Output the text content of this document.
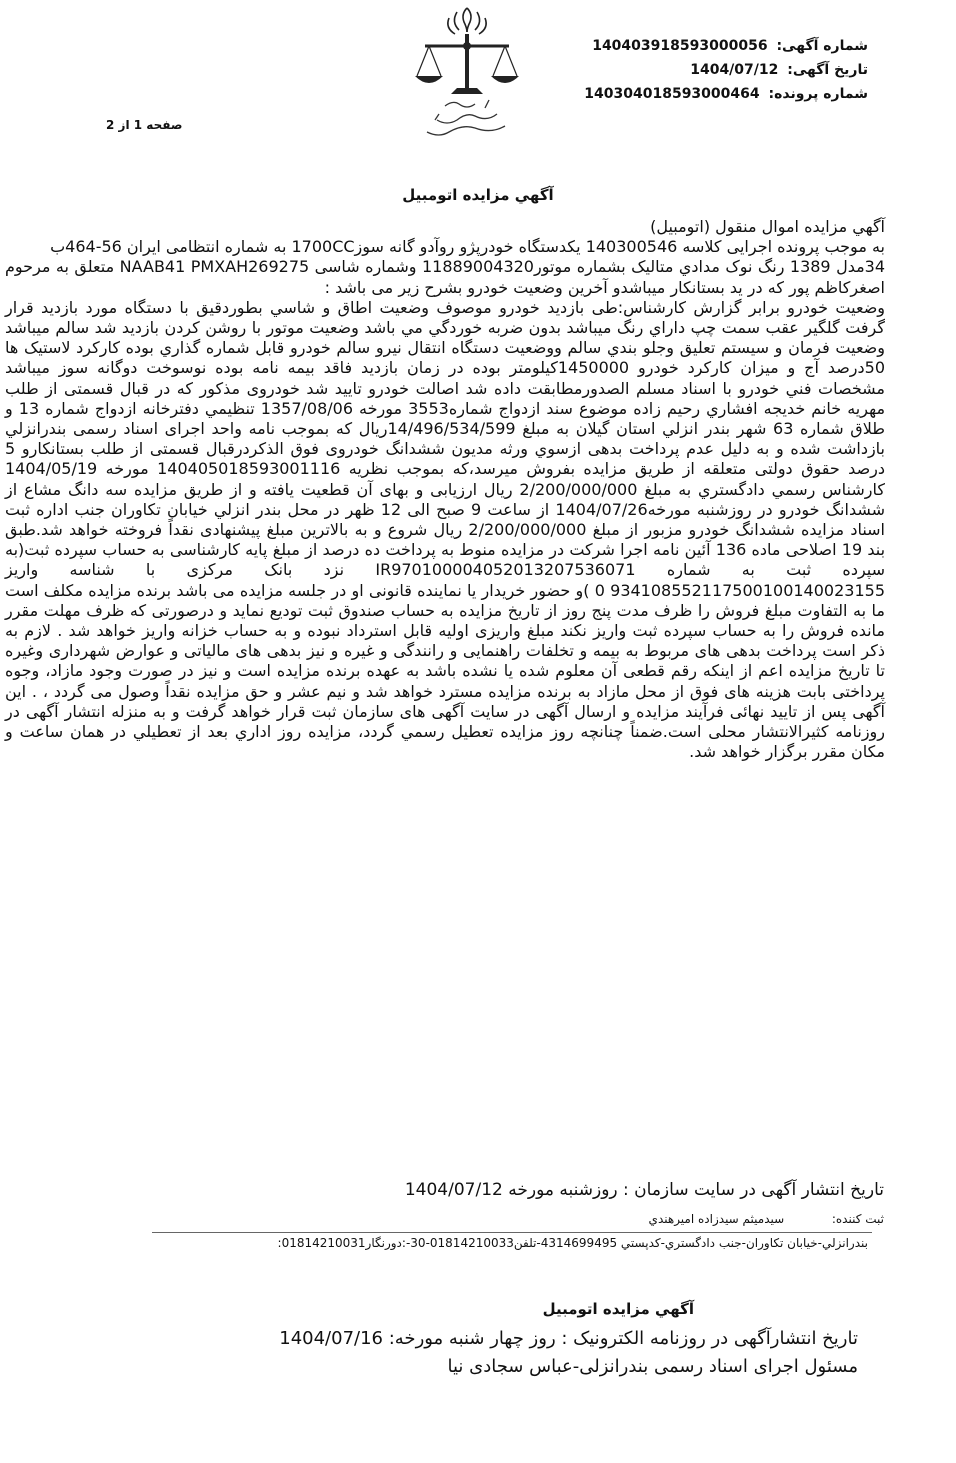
شماره آگهی: 140403918593000056
تاریخ آگهی: 1404/07/12
شماره پرونده: 140304018593000464
صفحه 1 از 2
آگهي مزايده اتومبيل

آگهي مزايده اموال منقول (اتومبيل)

به موجب پرونده اجرایی کلاسه 140300546 یکدستگاه خودرپژو روآدو گانه سوز1700CC به شماره انتظامی ایران 56-464ب

34مدل 1389 رنگ نوک مدادي متالیک بشماره موتور11889004320 وشماره شاسی NAAB41 PMXAH269275 متعلق به مرحوم اصغرکاظم پور که در ید بستانکار میباشدو آخرین وضعیت خودرو بشرح زیر می باشد :

وضعیت خودرو برابر گزارش کارشناس:طی بازدید خودرو موصوف وضعیت اطاق و شاسي بطوردقیق با دستگاه مورد بازدید قرار گرفت گلگیر عقب سمت چپ داراي رنگ میباشد بدون ضربه خوردگي مي باشد وضعیت موتور با روشن کردن بازدید شد سالم میباشد وضعیت فرمان و سیستم تعلیق وجلو بندي سالم ووضعیت دستگاه انتقال نیرو سالم خودرو قابل شماره گذاري بوده کارکرد لاستیک ها 50درصد آج و میزان کارکرد خودرو 1450000کیلومتر بوده در زمان بازدید فاقد بیمه نامه بوده نوسوخت دوگانه سوز میباشد مشخصات فني خودرو با اسناد مسلم الصدورمطابقت داده شد اصالت خودرو تایید شد خودروی مذکور که در قبال قسمتی از طلب مهریه خانم خدیجه افشاري رحیم زاده موضوع سند ازدواج شماره3553 مورخه 1357/08/06 تنظیمي دفترخانه ازدواج شماره 13 و طلاق شماره 63 شهر بندر انزلي استان گیلان به مبلغ 14/496/534/599ریال که بموجب نامه واحد اجرای اسناد رسمی بندرانزلي بازداشت شده و به دلیل عدم پرداخت بدهی ازسوي ورثه مدیون ششدانگ خودروی فوق الذکردرقبال قسمتی از طلب بستانکارو 5 درصد حقوق دولتی متعلقه از طریق مزایده بفروش میرسد،که بموجب نظریه 140405018593001116 مورخه 1404/05/19 کارشناس رسمي دادگستري به مبلغ 2/200/000/000 ریال ارزیابی و بهای آن قطعیت یافته و از طریق مزایده سه دانگ مشاع از ششدانگ خودرو در روزشنبه مورخه1404/07/26 از ساعت 9 صبح الی 12 ظهر در محل بندر انزلي خیابان تکاوران جنب اداره ثبت اسناد مزایده ششدانگ خودرو مزبور از مبلغ 2/200/000/000 ریال شروع و به بالاترین مبلغ پیشنهادی نقداً فروخته خواهد شد.طبق بند 19 اصلاحی ماده 136 آئین نامه اجرا شرکت در مزایده منوط به پرداخت ده درصد از مبلغ پایه کارشناسی به حساب سپرده ثبت(به سپرده ثبت به شماره IR970100004052013207536071 نزد بانک مرکزی با شناسه واریز 934108552117500100140023155 0 )و حضور خریدار یا نماینده قانونی او در جلسه مزایده می باشد برنده مزایده مکلف است ما به التفاوت مبلغ فروش را ظرف مدت پنج روز از تاریخ مزایده به حساب صندوق ثبت تودیع نماید و درصورتی که ظرف مهلت مقرر مانده فروش را به حساب سپرده ثبت واریز نکند مبلغ واریزی اولیه قابل استرداد نبوده و به حساب خزانه واریز خواهد شد . لازم به ذکر است پرداخت بدهی های مربوط به بیمه و تخلفات راهنمایی و رانندگی و غیره و نیز بدهی های مالیاتی و عوارض شهرداری وغیره تا تاریخ مزایده اعم از اینکه رقم قطعی آن معلوم شده یا نشده باشد به عهده برنده مزایده است و نیز در صورت وجود مازاد، وجوه پرداختی بابت هزینه های فوق از محل مازاد به برنده مزایده مسترد خواهد شد و نیم عشر و حق مزایده نقداً وصول می گردد ، . این آگهی پس از تایید نهائی فرآیند مزایده و ارسال آگهی در سایت آگهی های سازمان ثبت قرار خواهد گرفت و به منزله انتشار آگهی در روزنامه کثیرالانتشار محلی است.ضمناً چنانچه روز مزایده تعطیل رسمي گردد، مزایده روز اداري بعد از تعطیلي در همان ساعت و مکان مقرر برگزار خواهد شد.

تاریخ انتشار آگهی در سایت سازمان : روزشنبه مورخه 1404/07/12
ثبت کننده:  سیدمیثم سیدزاده امیرهندي
بندرانزلي-خیابان تکاوران-جنب دادگستري-کدپستي 4314699495-تلفن01814210033-30-:دورنگار01814210031:
آگهي مزايده اتومبيل
تاریخ انتشارآگهی در روزنامه الکترونیک : روز چهار شنبه مورخه: 1404/07/16
مسئول اجرای اسناد رسمی بندرانزلی-عباس سجادی نیا
